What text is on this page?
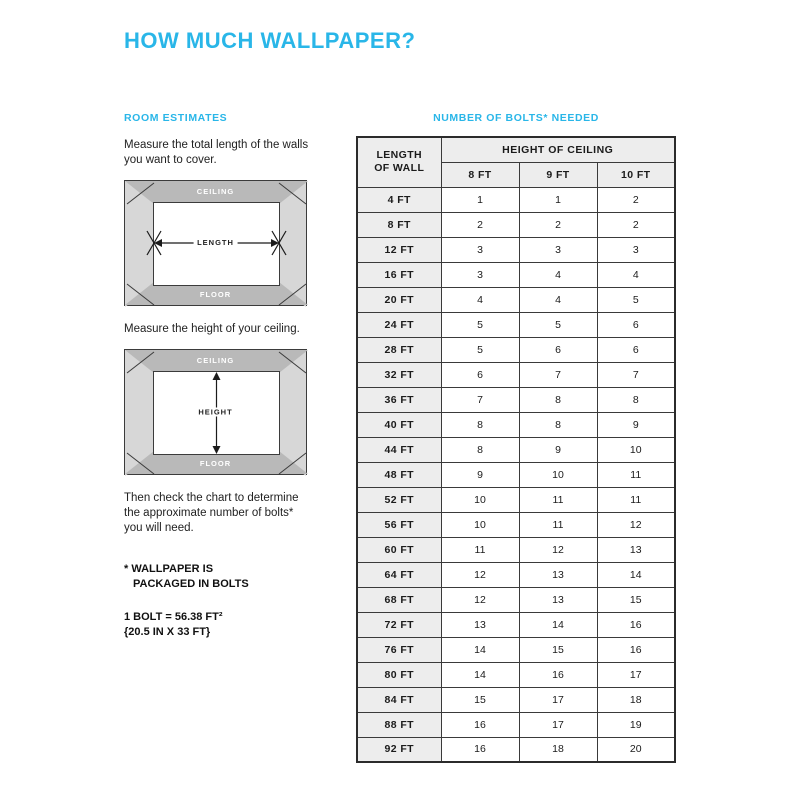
HOW MUCH WALLPAPER?
ROOM ESTIMATES
Measure the total length of the walls you want to cover.
CEILING
FLOOR
LENGTH
Measure the height of your ceiling.
CEILING
FLOOR
HEIGHT
Then check the chart to determine the approximate number of bolts* you will need.
* WALLPAPER IS
PACKAGED IN BOLTS
1 BOLT = 56.38 FT²
{20.5 IN X 33 FT}
NUMBER OF BOLTS* NEEDED
LENGTH
OF WALL	HEIGHT OF CEILING		
	8 FT	9 FT	10 FT
4 FT	1	1	2
8 FT	2	2	2
12 FT	3	3	3
16 FT	3	4	4
20 FT	4	4	5
24 FT	5	5	6
28 FT	5	6	6
32 FT	6	7	7
36 FT	7	8	8
40 FT	8	8	9
44 FT	8	9	10
48 FT	9	10	11
52 FT	10	11	11
56 FT	10	11	12
60 FT	11	12	13
64 FT	12	13	14
68 FT	12	13	15
72 FT	13	14	16
76 FT	14	15	16
80 FT	14	16	17
84 FT	15	17	18
88 FT	16	17	19
92 FT	16	18	20
